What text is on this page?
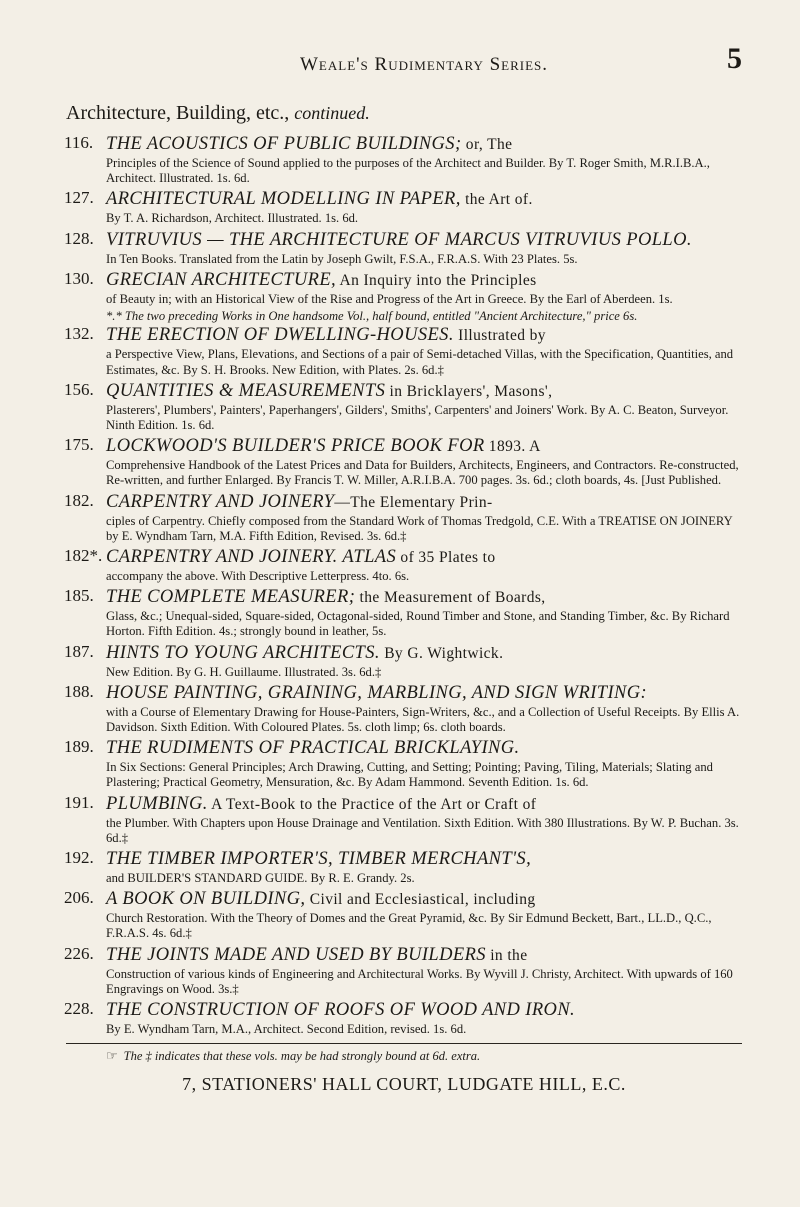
Weale's Rudimentary Series.	5
Architecture, Building, etc., continued.
116. THE ACOUSTICS OF PUBLIC BUILDINGS; or, The
Principles of the Science of Sound applied to the purposes of the Architect and Builder. By T. Roger Smith, M.R.I.B.A., Architect. Illustrated. 1s. 6d.
127. ARCHITECTURAL MODELLING IN PAPER, the Art of.
By T. A. Richardson, Architect. Illustrated. 1s. 6d.
128. VITRUVIUS — THE ARCHITECTURE OF MARCUS VITRUVIUS POLLO.
In Ten Books. Translated from the Latin by Joseph Gwilt, F.S.A., F.R.A.S. With 23 Plates. 5s.
130. GRECIAN ARCHITECTURE, An Inquiry into the Principles
of Beauty in; with an Historical View of the Rise and Progress of the Art in Greece. By the Earl of Aberdeen. 1s.
*.* The two preceding Works in One handsome Vol., half bound, entitled "Ancient Architecture," price 6s.
132. THE ERECTION OF DWELLING-HOUSES. Illustrated by
a Perspective View, Plans, Elevations, and Sections of a pair of Semi-detached Villas, with the Specification, Quantities, and Estimates, &c. By S. H. Brooks. New Edition, with Plates. 2s. 6d.‡
156. QUANTITIES & MEASUREMENTS in Bricklayers', Masons',
Plasterers', Plumbers', Painters', Paperhangers', Gilders', Smiths', Carpenters' and Joiners' Work. By A. C. Beaton, Surveyor. Ninth Edition. 1s. 6d.
175. LOCKWOOD'S BUILDER'S PRICE BOOK FOR 1893. A
Comprehensive Handbook of the Latest Prices and Data for Builders, Architects, Engineers, and Contractors. Re-constructed, Re-written, and further Enlarged. By Francis T. W. Miller, A.R.I.B.A. 700 pages. 3s. 6d.; cloth boards, 4s. [Just Published.
182. CARPENTRY AND JOINERY—The Elementary Prin-
ciples of Carpentry. Chiefly composed from the Standard Work of Thomas Tredgold, C.E. With a TREATISE ON JOINERY by E. Wyndham Tarn, M.A. Fifth Edition, Revised. 3s. 6d.‡
182*. CARPENTRY AND JOINERY. ATLAS of 35 Plates to
accompany the above. With Descriptive Letterpress. 4to. 6s.
185. THE COMPLETE MEASURER; the Measurement of Boards,
Glass, &c.; Unequal-sided, Square-sided, Octagonal-sided, Round Timber and Stone, and Standing Timber, &c. By Richard Horton. Fifth Edition. 4s.; strongly bound in leather, 5s.
187. HINTS TO YOUNG ARCHITECTS. By G. Wightwick.
New Edition. By G. H. Guillaume. Illustrated. 3s. 6d.‡
188. HOUSE PAINTING, GRAINING, MARBLING, AND SIGN WRITING:
with a Course of Elementary Drawing for House-Painters, Sign-Writers, &c., and a Collection of Useful Receipts. By Ellis A. Davidson. Sixth Edition. With Coloured Plates. 5s. cloth limp; 6s. cloth boards.
189. THE RUDIMENTS OF PRACTICAL BRICKLAYING.
In Six Sections: General Principles; Arch Drawing, Cutting, and Setting; Pointing; Paving, Tiling, Materials; Slating and Plastering; Practical Geometry, Mensuration, &c. By Adam Hammond. Seventh Edition. 1s. 6d.
191. PLUMBING. A Text-Book to the Practice of the Art or Craft of
the Plumber. With Chapters upon House Drainage and Ventilation. Sixth Edition. With 380 Illustrations. By W. P. Buchan. 3s. 6d.‡
192. THE TIMBER IMPORTER'S, TIMBER MERCHANT'S,
and BUILDER'S STANDARD GUIDE. By R. E. Grandy. 2s.
206. A BOOK ON BUILDING, Civil and Ecclesiastical, including
Church Restoration. With the Theory of Domes and the Great Pyramid, &c. By Sir Edmund Beckett, Bart., LL.D., Q.C., F.R.A.S. 4s. 6d.‡
226. THE JOINTS MADE AND USED BY BUILDERS in the
Construction of various kinds of Engineering and Architectural Works. By Wyvill J. Christy, Architect. With upwards of 160 Engravings on Wood. 3s.‡
228. THE CONSTRUCTION OF ROOFS OF WOOD AND IRON.
By E. Wyndham Tarn, M.A., Architect. Second Edition, revised. 1s. 6d.
☞ The ‡ indicates that these vols. may be had strongly bound at 6d. extra.
7, STATIONERS' HALL COURT, LUDGATE HILL, E.C.
